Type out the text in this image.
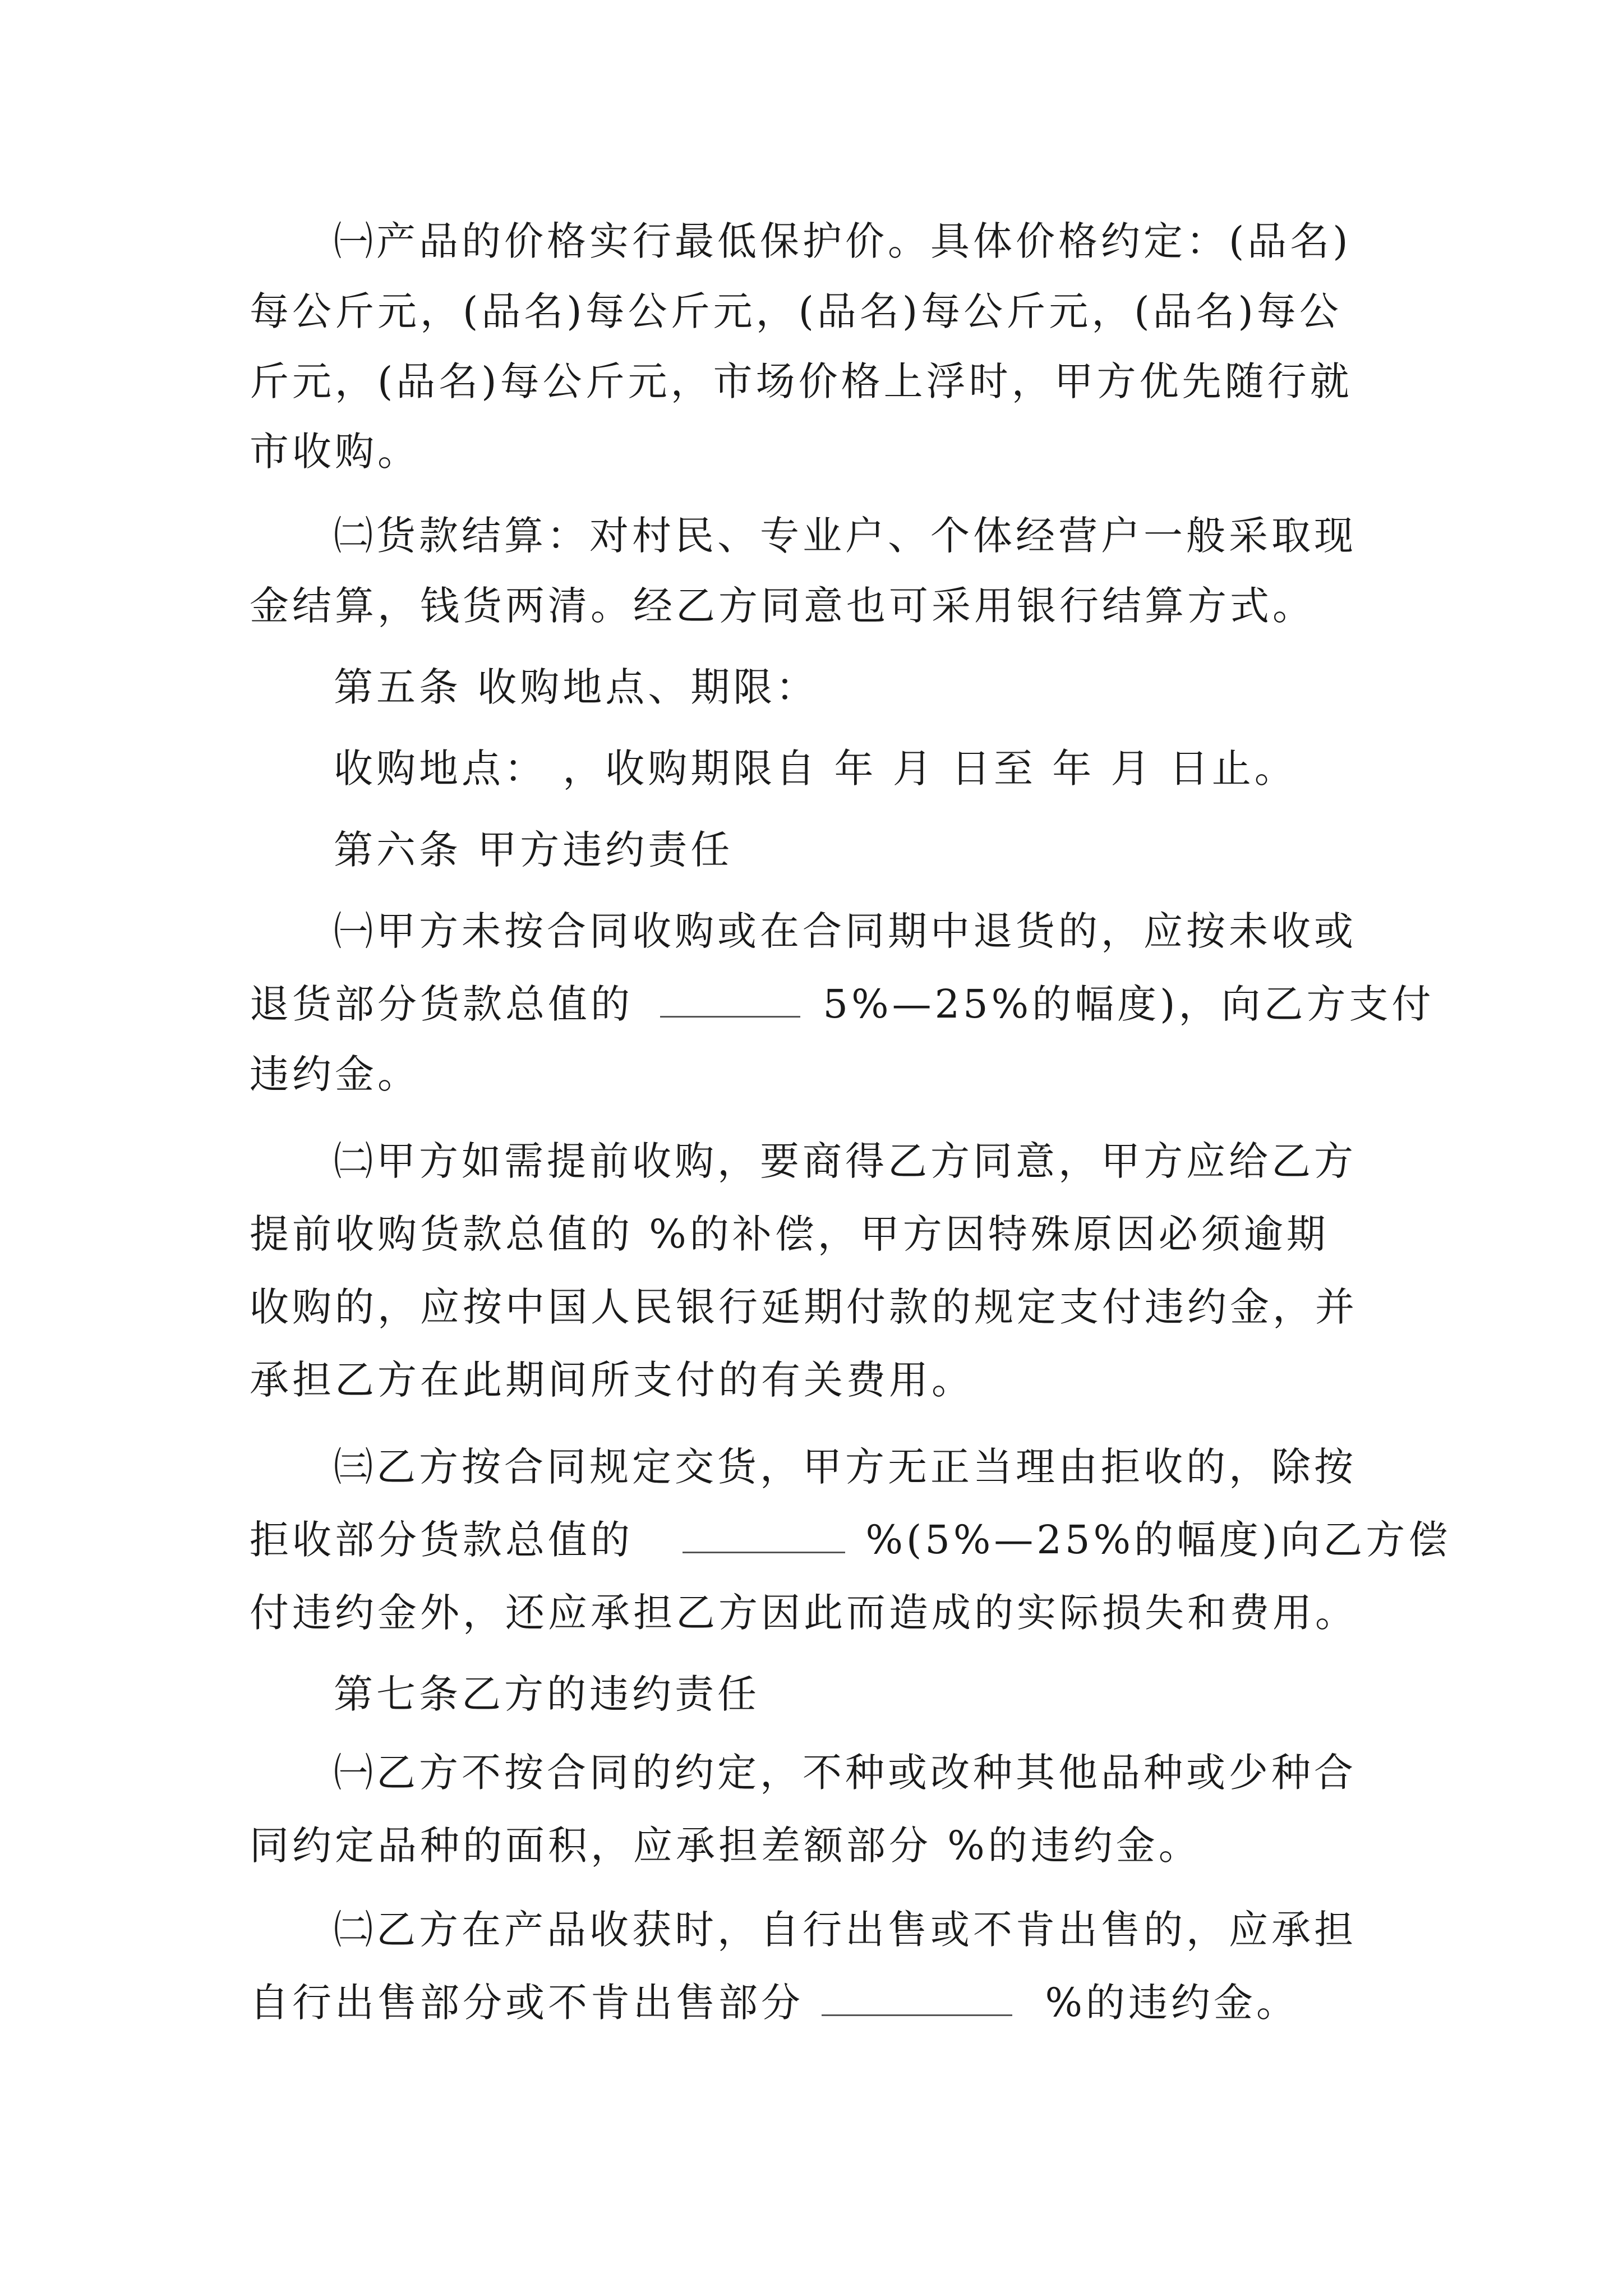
㈠产品的价格实行最低保护价。具体价格约定：(品名)
每公斤元，(品名)每公斤元，(品名)每公斤元，(品名)每公
斤元，(品名)每公斤元，市场价格上浮时，甲方优先随行就
市收购。
㈡货款结算：对村民、专业户、个体经营户一般采取现
金结算，钱货两清。经乙方同意也可采用银行结算方式。
第五条 收购地点、期限：
收购地点： ，收购期限自 年 月 日至 年 月 日止。
第六条 甲方违约责任
㈠甲方未按合同收购或在合同期中退货的，应按未收或
退货部分货款总值的	5%—25%的幅度)，向乙方支付
违约金。
㈡甲方如需提前收购，要商得乙方同意，甲方应给乙方
提前收购货款总值的 %的补偿，甲方因特殊原因必须逾期
收购的，应按中国人民银行延期付款的规定支付违约金，并
承担乙方在此期间所支付的有关费用。
㈢乙方按合同规定交货，甲方无正当理由拒收的，除按
拒收部分货款总值的	%(5%—25%的幅度)向乙方偿
付违约金外，还应承担乙方因此而造成的实际损失和费用。
第七条乙方的违约责任
㈠乙方不按合同的约定，不种或改种其他品种或少种合
同约定品种的面积，应承担差额部分 %的违约金。
㈡乙方在产品收获时，自行出售或不肯出售的，应承担
自行出售部分或不肯出售部分	%的违约金。
